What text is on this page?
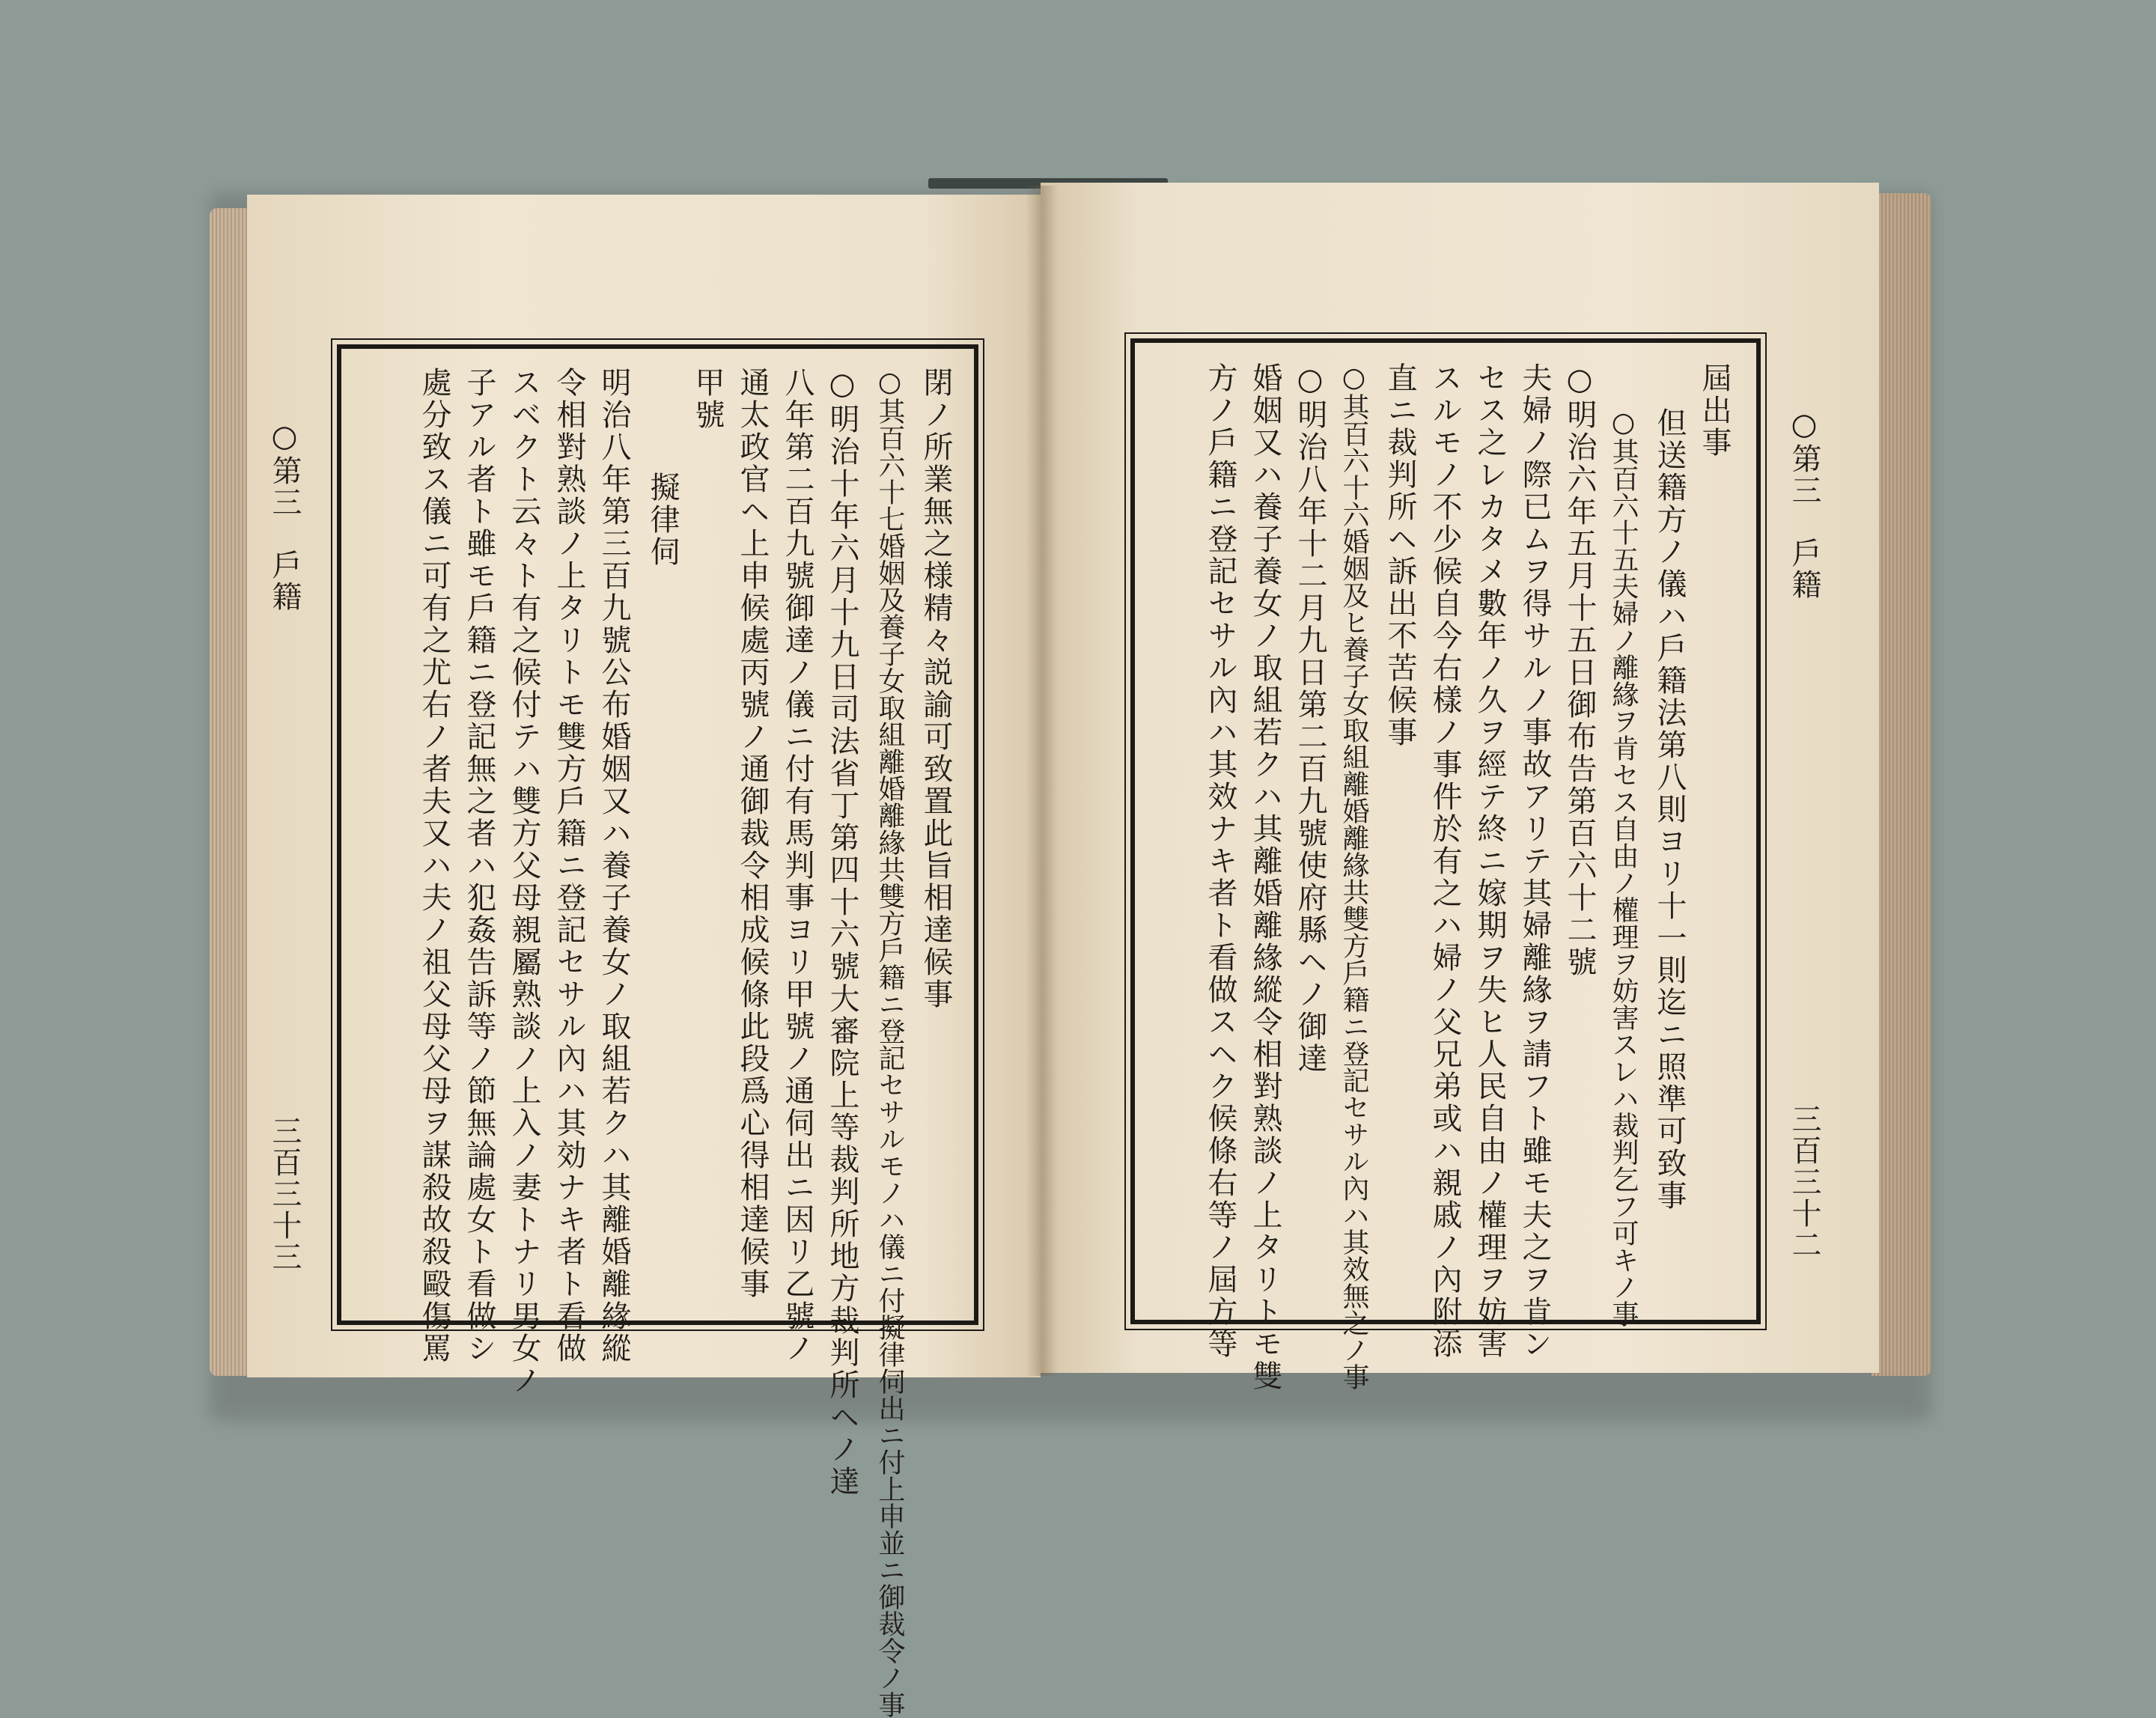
○第三　戶籍
三百三十三
閉ノ所業無之様精々説諭可致置此旨相達候事
○其百六十七婚姻及養子女取組離婚離緣共雙方戶籍ニ登記セサルモノハ儀ニ付擬律伺出ニ付上申並ニ御裁令ノ事
○明治十年六月十九日司法省丁第四十六號大審院上等裁判所地方裁判所ヘノ達
八年第二百九號御達ノ儀ニ付有馬判事ヨリ甲號ノ通伺出ニ因リ乙號ノ
通太政官ヘ上申候處丙號ノ通御裁令相成候條此段爲心得相達候事
甲號
擬律伺
明治八年第三百九號公布婚姻又ハ養子養女ノ取組若クハ其離婚離緣縱
令相對熟談ノ上タリトモ雙方戶籍ニ登記セサル內ハ其効ナキ者ト看做
スベクト云々ト有之候付テハ雙方父母親屬熟談ノ上入ノ妻トナリ男女ノ
子アル者ト雖モ戶籍ニ登記無之者ハ犯姦告訴等ノ節無論處女ト看做シ
處分致ス儀ニ可有之尤右ノ者夫又ハ夫ノ祖父母父母ヲ謀殺故殺毆傷罵	○第三　戶籍
三百三十二
屆出事
但送籍方ノ儀ハ戶籍法第八則ヨリ十一則迄ニ照準可致事
○其百六十五夫婦ノ離緣ヲ肯セス自由ノ權理ヲ妨害スレハ裁判乞フ可キノ事
○明治六年五月十五日御布告第百六十二號
夫婦ノ際已ムヲ得サルノ事故アリテ其婦離緣ヲ請フト雖モ夫之ヲ肯ン
セス之レカタメ數年ノ久ヲ經テ終ニ嫁期ヲ失ヒ人民自由ノ權理ヲ妨害
スルモノ不少候自今右樣ノ事件於有之ハ婦ノ父兄弟或ハ親戚ノ內附添
直ニ裁判所ヘ訴出不苦候事
○其百六十六婚姻及ヒ養子女取組離婚離緣共雙方戶籍ニ登記セサル內ハ其效無之ノ事
○明治八年十二月九日第二百九號使府縣ヘノ御達
婚姻又ハ養子養女ノ取組若クハ其離婚離緣縱令相對熟談ノ上タリトモ雙
方ノ戶籍ニ登記セサル內ハ其效ナキ者ト看做スヘク候條右等ノ屆方等
